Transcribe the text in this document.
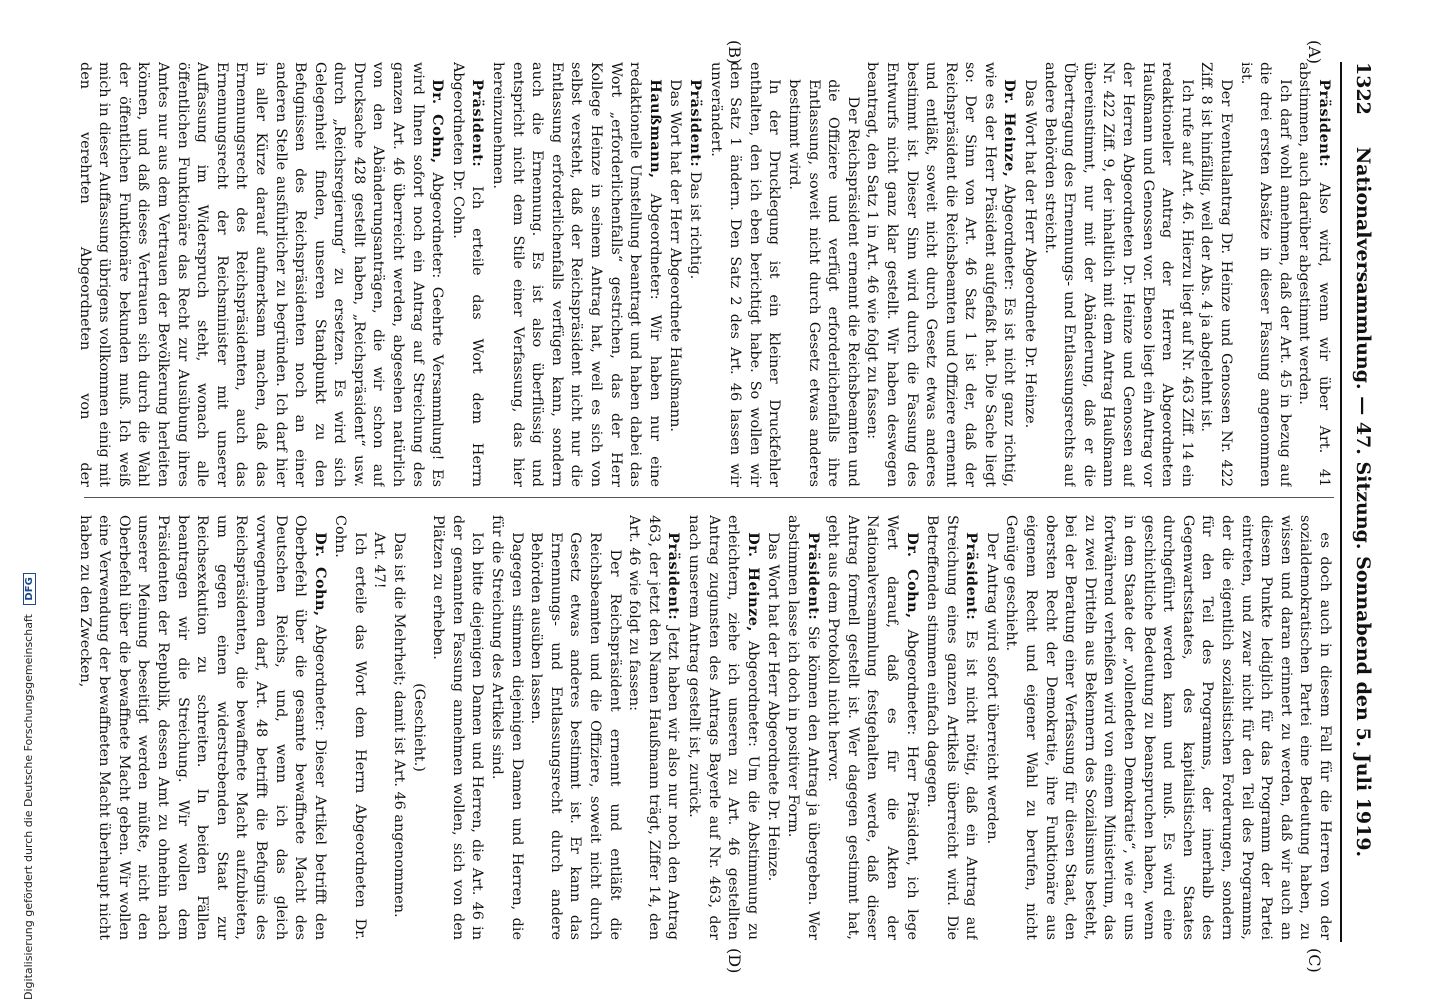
1322
Nationalversammlung. — 47. Sitzung. Sonnabend den 5. Juli 1919.
(A)
(B)
(C)
(D)

Präsident: Also wird, wenn wir über Art. 41 abstimmen, auch darüber abgestimmt werden.

Ich darf wohl annehmen, daß der Art. 45 in bezug auf die drei ersten Absätze in dieser Fassung angenommen ist.

Der Eventualantrag Dr. Heinze und Genossen Nr. 422 Ziff. 8 ist hinfällig, weil der Abs. 4 ja abgelehnt ist.

Ich rufe auf Art. 46. Hierzu liegt auf Nr. 463 Ziff. 14 ein redaktioneller Antrag der Herren Abgeordneten Haußmann und Genossen vor. Ebenso liegt ein Antrag vor der Herren Abgeordneten Dr. Heinze und Genossen auf Nr. 422 Ziff. 9, der inhaltlich mit dem Antrag Haußmann übereinstimmt, nur mit der Abänderung, daß er die Übertragung des Ernennungs- und Entlassungsrechts auf andere Behörden streicht.

Das Wort hat der Herr Abgeordnete Dr. Heinze.

Dr. Heinze, Abgeordneter: Es ist nicht ganz richtig, wie es der Herr Präsident aufgefaßt hat. Die Sache liegt so: Der Sinn von Art. 46 Satz 1 ist der, daß der Reichspräsident die Reichsbeamten und Offiziere ernennt und entläßt, soweit nicht durch Gesetz etwas anderes bestimmt ist. Dieser Sinn wird durch die Fassung des Entwurfs nicht ganz klar gestellt. Wir haben deswegen beantragt, den Satz 1 in Art. 46 wie folgt zu fassen:

Der Reichspräsident ernennt die Reichsbeamten und die Offiziere und verfügt erforderlichenfalls ihre Entlassung, soweit nicht durch Gesetz etwas anderes bestimmt wird.

In der Drucklegung ist ein kleiner Druckfehler enthalten, den ich eben berichtigt habe. So wollen wir den Satz 1 ändern. Den Satz 2 des Art. 46 lassen wir unverändert.

Präsident: Das ist richtig.

Das Wort hat der Herr Abgeordnete Haußmann.

Haußmann, Abgeordneter: Wir haben nur eine redaktionelle Umstellung beantragt und haben dabei das Wort „erforderlichenfalls“ gestrichen, das der Herr Kollege Heinze in seinem Antrag hat, weil es sich von selbst versteht, daß der Reichspräsident nicht nur die Entlassung erforderlichenfalls verfügen kann, sondern auch die Ernennung. Es ist also überflüssig und entspricht nicht dem Stile einer Verfassung, das hier hereinzunehmen.

Präsident: Ich erteile das Wort dem Herrn Abgeordneten Dr. Cohn.

Dr. Cohn, Abgeordneter: Geehrte Versammlung! Es wird Ihnen sofort noch ein Antrag auf Streichung des ganzen Art. 46 überreicht werden, abgesehen natürlich von den Abänderungsanträgen, die wir schon auf Drucksache 428 gestellt haben, „Reichspräsident“ usw. durch „Reichsregierung“ zu ersetzen. Es wird sich Gelegenheit finden, unseren Standpunkt zu den Befugnissen des Reichspräsidenten noch an einer anderen Stelle ausführlicher zu begründen. Ich darf hier in aller Kürze darauf aufmerksam machen, daß das Ernennungsrecht des Reichspräsidenten, auch das Ernennungsrecht der Reichsminister mit unserer Auffassung im Widerspruch steht, wonach alle öffentlichen Funktionäre das Recht zur Ausübung ihres Amtes nur aus dem Vertrauen der Bevölkerung herleiten können, und daß dieses Vertrauen sich durch die Wahl der öffentlichen Funktionäre bekunden muß. Ich weiß mich in dieser Auffassung übrigens vollkommen einig mit den verehrten Abgeordneten von der

es doch auch in diesem Fall für die Herren von der sozialdemokratischen Partei eine Bedeutung haben, zu wissen und daran erinnert zu werden, daß wir auch an diesem Punkte lediglich für das Programm der Partei eintreten, und zwar nicht für den Teil des Programms, der die eigentlich sozialistischen Forderungen, sondern für den Teil des Programms, der innerhalb des Gegenwartsstaates, des kapitalistischen Staates durchgeführt werden kann und muß. Es wird eine geschichtliche Bedeutung zu beanspruchen haben, wenn in dem Staate der „vollendeten Demokratie“, wie er uns fortwährend verheißen wird von einem Ministerium, das zu zwei Dritteln aus Bekennern des Sozialismus besteht, bei der Beratung einer Verfassung für diesen Staat, den obersten Recht der Demokratie, ihre Funktionäre aus eigenem Recht und eigener Wahl zu berufen, nicht Genüge geschieht.

Der Antrag wird sofort überreicht werden.

Präsident: Es ist nicht nötig, daß ein Antrag auf Streichung eines ganzen Artikels überreicht wird. Die Betreffenden stimmen einfach dagegen.

Dr. Cohn, Abgeordneter: Herr Präsident, ich lege Wert darauf, daß es für die Akten der Nationalversammlung festgehalten werde, daß dieser Antrag formell gestellt ist. Wer dagegen gestimmt hat, geht aus dem Protokoll nicht hervor.

Präsident: Sie können den Antrag ja übergeben. Wer abstimmen lasse ich doch in positiver Form.

Das Wort hat der Herr Abgeordnete Dr. Heinze.

Dr. Heinze, Abgeordneter: Um die Abstimmung zu erleichtern, ziehe ich unseren zu Art. 46 gestellten Antrag zugunsten des Antrags Bayerle auf Nr. 463, der nach unserem Antrag gestellt ist, zurück.

Präsident: Jetzt haben wir also nur noch den Antrag 463, der jetzt den Namen Haußmann trägt, Ziffer 14, den Art. 46 wie folgt zu fassen:

Der Reichspräsident ernennt und entläßt die Reichsbeamten und die Offiziere, soweit nicht durch Gesetz etwas anderes bestimmt ist. Er kann das Ernennungs- und Entlassungsrecht durch andere Behörden ausüben lassen.

Dagegen stimmen diejenigen Damen und Herren, die für die Streichung des Artikels sind.

Ich bitte diejenigen Damen und Herren, die Art. 46 in der genannten Fassung annehmen wollen, sich von den Plätzen zu erheben.

(Geschieht.)

Das ist die Mehrheit; damit ist Art. 46 angenommen.

Art. 47!

Ich erteile das Wort dem Herrn Abgeordneten Dr. Cohn.

Dr. Cohn, Abgeordneter: Dieser Artikel betrifft den Oberbefehl über die gesamte bewaffnete Macht des Deutschen Reichs, und, wenn ich das gleich vorwegnehmen darf, Art. 48 betrifft die Befugnis des Reichspräsidenten, die bewaffnete Macht aufzubieten, um gegen einen widerstrebenden Staat zur Reichsexekution zu schreiten. In beiden Fällen beantragen wir die Streichung. Wir wollen dem Präsidenten der Republik, dessen Amt zu ohnehin nach unserer Meinung beseitigt werden müßte, nicht den Oberbefehl über die bewaffnete Macht geben. Wir wollen eine Verwendung der bewaffneten Macht überhaupt nicht haben zu den Zwecken,

Digitalisierung gefördert durch die Deutsche Forschungsgemeinschaft DFG
